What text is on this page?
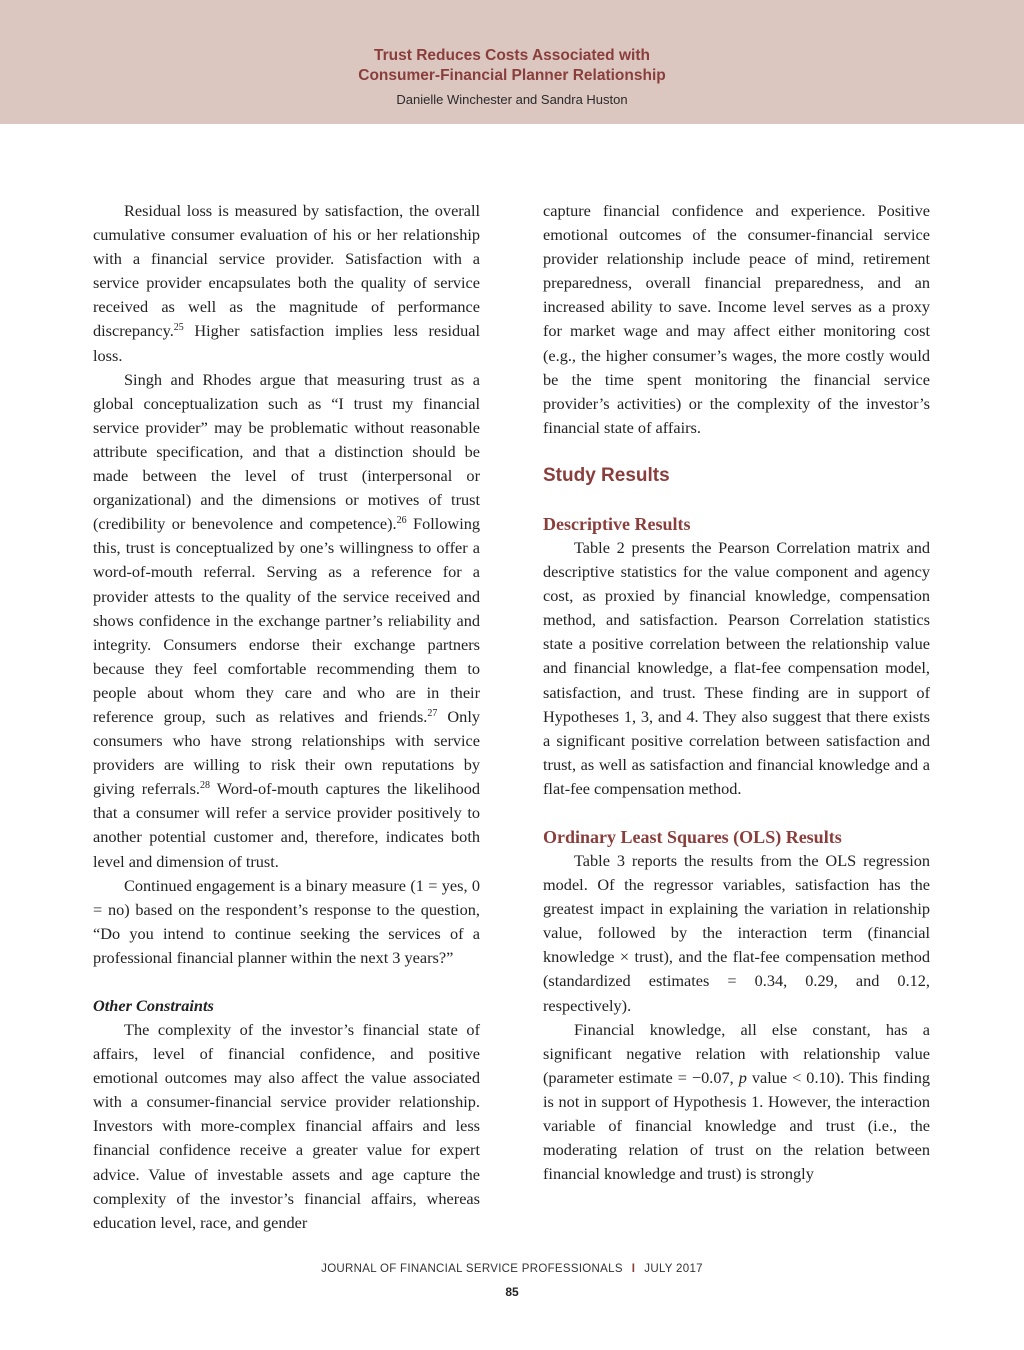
Trust Reduces Costs Associated with
Consumer-Financial Planner Relationship
Danielle Winchester and Sandra Huston

Residual loss is measured by satisfaction, the overall cumulative consumer evaluation of his or her relationship with a financial service provider. Satisfaction with a service provider encapsulates both the quality of service received as well as the magnitude of performance discrepancy.$^{25}$ Higher satisfaction implies less residual loss.

Singh and Rhodes argue that measuring trust as a global conceptualization such as “I trust my financial service provider” may be problematic without reasonable attribute specification, and that a distinction should be made between the level of trust (interpersonal or organizational) and the dimensions or motives of trust (credibility or benevolence and competence).$^{26}$ Following this, trust is conceptualized by one’s willingness to offer a word-of-mouth referral. Serving as a reference for a provider attests to the quality of the service received and shows confidence in the exchange partner’s reliability and integrity. Consumers endorse their exchange partners because they feel comfortable recommending them to people about whom they care and who are in their reference group, such as relatives and friends.$^{27}$ Only consumers who have strong relationships with service providers are willing to risk their own reputations by giving referrals.$^{28}$ Word-of-mouth captures the likelihood that a consumer will refer a service provider positively to another potential customer and, therefore, indicates both level and dimension of trust.

Continued engagement is a binary measure (1 = yes, 0 = no) based on the respondent’s response to the question, “Do you intend to continue seeking the services of a professional financial planner within the next 3 years?”

Other Constraints

The complexity of the investor’s financial state of affairs, level of financial confidence, and positive emotional outcomes may also affect the value associated with a consumer-financial service provider relationship. Investors with more-complex financial affairs and less financial confidence receive a greater value for expert advice. Value of investable assets and age capture the complexity of the investor’s financial affairs, whereas education level, race, and gender

capture financial confidence and experience. Positive emotional outcomes of the consumer-financial service provider relationship include peace of mind, retirement preparedness, overall financial preparedness, and an increased ability to save. Income level serves as a proxy for market wage and may affect either monitoring cost (e.g., the higher consumer’s wages, the more costly would be the time spent monitoring the financial service provider’s activities) or the complexity of the investor’s financial state of affairs.

Study Results
Descriptive Results

Table 2 presents the Pearson Correlation matrix and descriptive statistics for the value component and agency cost, as proxied by financial knowledge, compensation method, and satisfaction. Pearson Correlation statistics state a positive correlation between the relationship value and financial knowledge, a flat-fee compensation model, satisfaction, and trust. These finding are in support of Hypotheses 1, 3, and 4. They also suggest that there exists a significant positive correlation between satisfaction and trust, as well as satisfaction and financial knowledge and a flat-fee compensation method.

Ordinary Least Squares (OLS) Results

Table 3 reports the results from the OLS regression model. Of the regressor variables, satisfaction has the greatest impact in explaining the variation in relationship value, followed by the interaction term (financial knowledge × trust), and the flat-fee compensation method (standardized estimates = 0.34, 0.29, and 0.12, respectively).

Financial knowledge, all else constant, has a significant negative relation with relationship value (parameter estimate = −0.07, p value < 0.10). This finding is not in support of Hypothesis 1. However, the interaction variable of financial knowledge and trust (i.e., the moderating relation of trust on the relation between financial knowledge and trust) is strongly

JOURNAL OF FINANCIAL SERVICE PROFESSIONALS I JULY 2017
85
